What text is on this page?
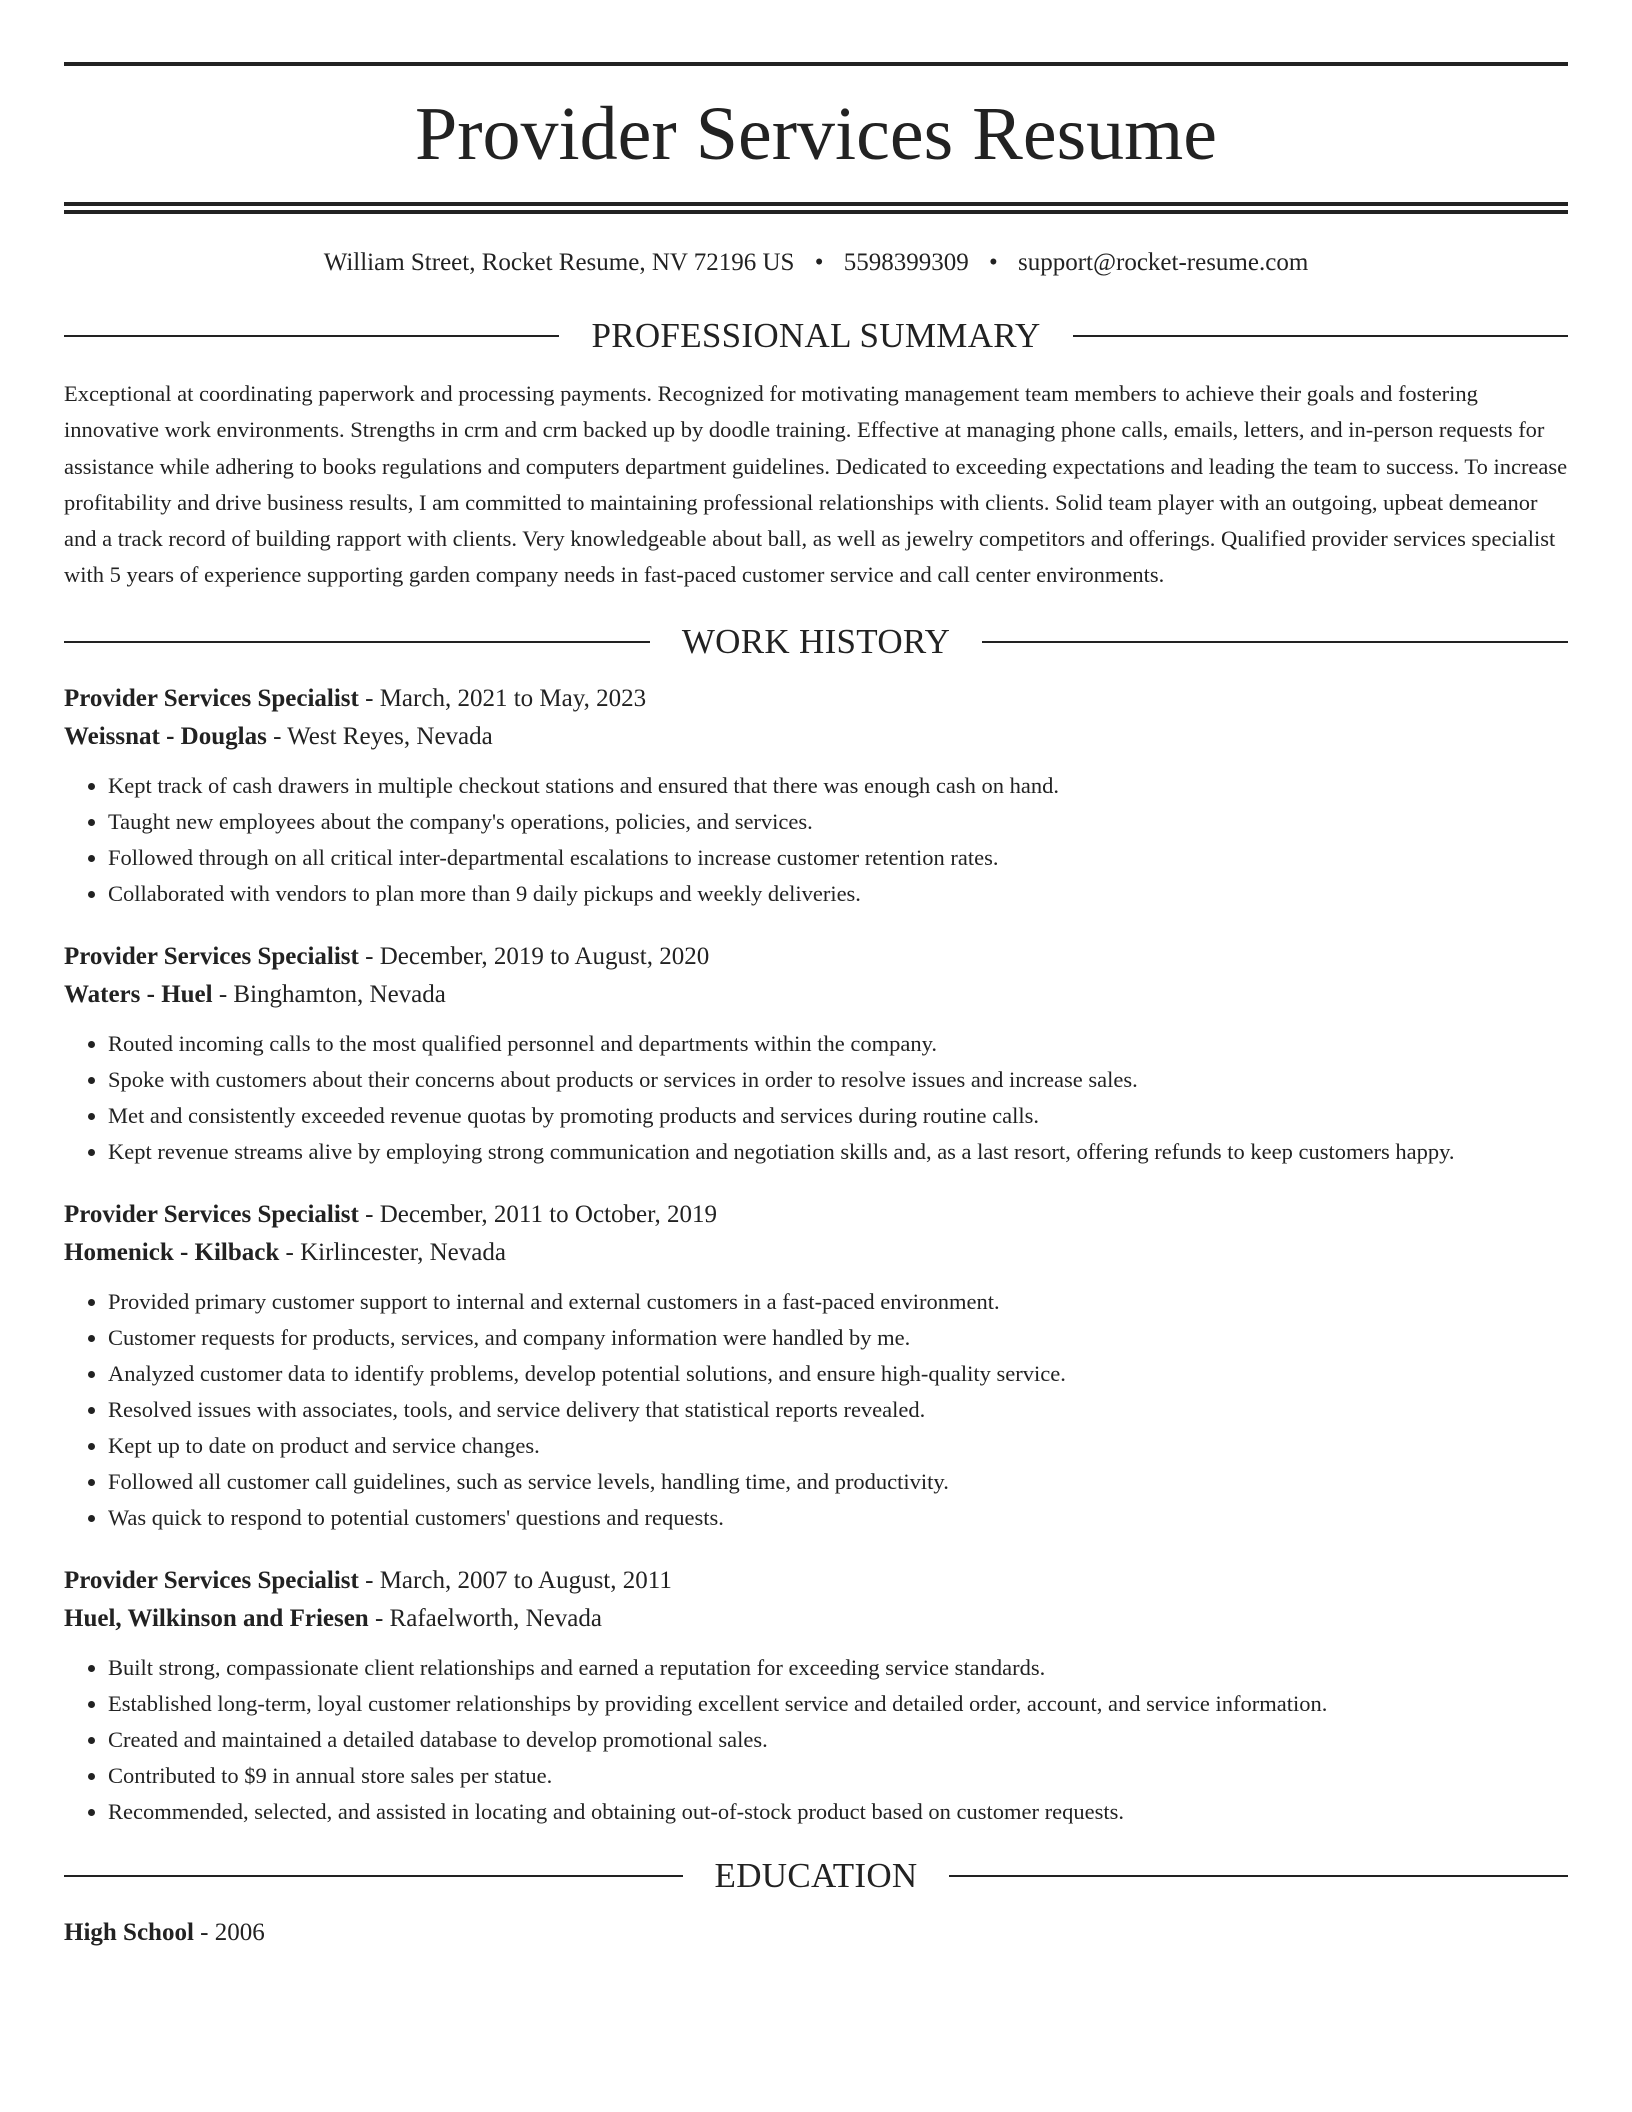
Provider Services Resume
William Street, Rocket Resume, NV 72196 US • 5598399309 • support@rocket-resume.com
PROFESSIONAL SUMMARY

Exceptional at coordinating paperwork and processing payments. Recognized for motivating management team members to achieve their goals and fostering innovative work environments. Strengths in crm and crm backed up by doodle training. Effective at managing phone calls, emails, letters, and in-person requests for assistance while adhering to books regulations and computers department guidelines. Dedicated to exceeding expectations and leading the team to success. To increase profitability and drive business results, I am committed to maintaining professional relationships with clients. Solid team player with an outgoing, upbeat demeanor and a track record of building rapport with clients. Very knowledgeable about ball, as well as jewelry competitors and offerings. Qualified provider services specialist with 5 years of experience supporting garden company needs in fast-paced customer service and call center environments.

WORK HISTORY
Provider Services Specialist - March, 2021 to May, 2023
Weissnat - Douglas - West Reyes, Nevada
• Kept track of cash drawers in multiple checkout stations and ensured that there was enough cash on hand.
• Taught new employees about the company's operations, policies, and services.
• Followed through on all critical inter-departmental escalations to increase customer retention rates.
• Collaborated with vendors to plan more than 9 daily pickups and weekly deliveries.
Provider Services Specialist - December, 2019 to August, 2020
Waters - Huel - Binghamton, Nevada
• Routed incoming calls to the most qualified personnel and departments within the company.
• Spoke with customers about their concerns about products or services in order to resolve issues and increase sales.
• Met and consistently exceeded revenue quotas by promoting products and services during routine calls.
• Kept revenue streams alive by employing strong communication and negotiation skills and, as a last resort, offering refunds to keep customers happy.
Provider Services Specialist - December, 2011 to October, 2019
Homenick - Kilback - Kirlincester, Nevada
• Provided primary customer support to internal and external customers in a fast-paced environment.
• Customer requests for products, services, and company information were handled by me.
• Analyzed customer data to identify problems, develop potential solutions, and ensure high-quality service.
• Resolved issues with associates, tools, and service delivery that statistical reports revealed.
• Kept up to date on product and service changes.
• Followed all customer call guidelines, such as service levels, handling time, and productivity.
• Was quick to respond to potential customers' questions and requests.
Provider Services Specialist - March, 2007 to August, 2011
Huel, Wilkinson and Friesen - Rafaelworth, Nevada
• Built strong, compassionate client relationships and earned a reputation for exceeding service standards.
• Established long-term, loyal customer relationships by providing excellent service and detailed order, account, and service information.
• Created and maintained a detailed database to develop promotional sales.
• Contributed to $9 in annual store sales per statue.
• Recommended, selected, and assisted in locating and obtaining out-of-stock product based on customer requests.
EDUCATION
High School - 2006
